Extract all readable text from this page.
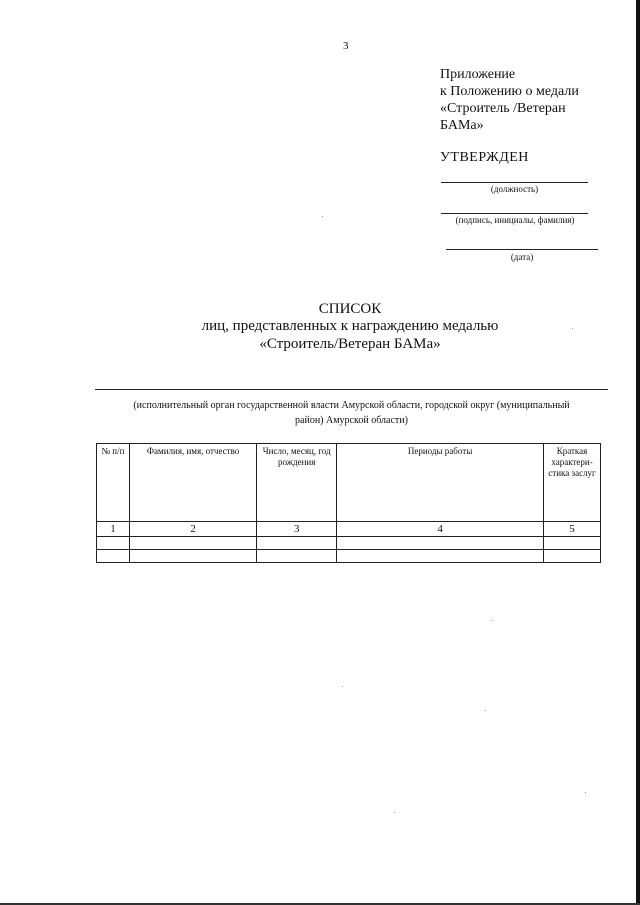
3
Приложение
к Положению о медали
«Строитель /Ветеран
БАМа»
УТВЕРЖДЕН
(должность)
(подпись, инициалы, фамилия)
(дата)
СПИСОК
лиц, представленных к награждению медалью
«Строитель/Ветеран БАМа»
(исполнительный орган государственной власти Амурской области, городской округ (муниципальный
район) Амурской области)
№ п/п	Фамилия, имя, отчество	Число, месяц, год рождения	Периоды работы	Краткая характери-стика заслуг
1	2	3	4	5
